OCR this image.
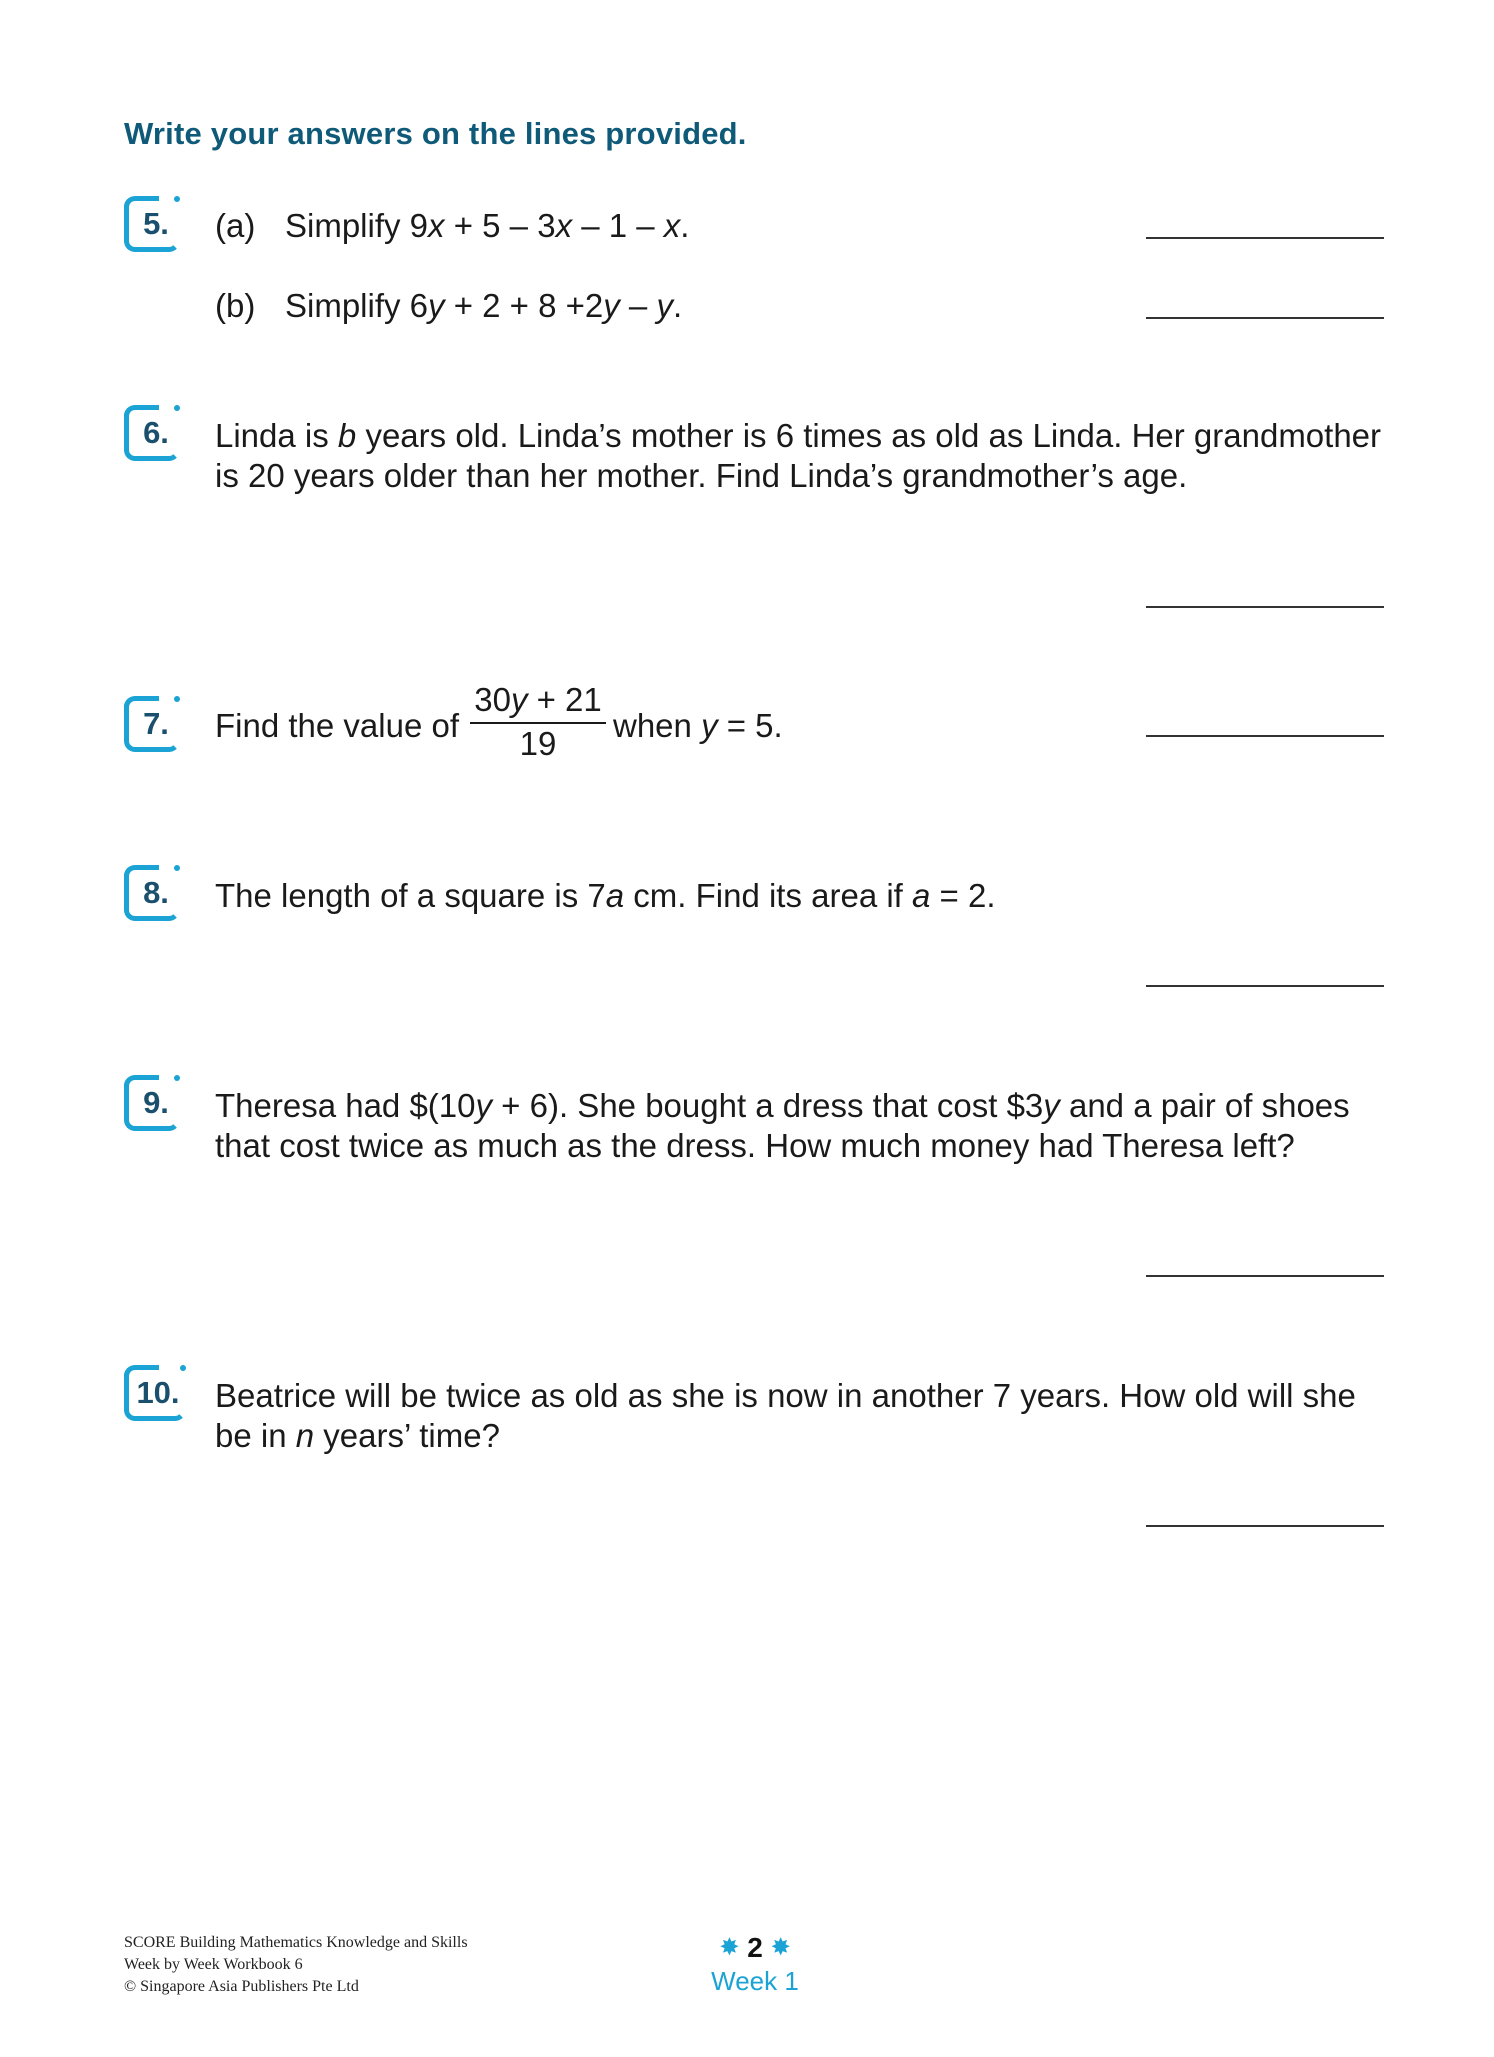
Write your answers on the lines provided.
5.	(a) Simplify 9x + 5 – 3x – 1 – x.
(b) Simplify 6y + 2 + 8 +2y – y.
6.	Linda is b years old. Linda’s mother is 6 times as old as Linda. Her grandmother is 20 years older than her mother. Find Linda’s grandmother’s age.
7.	Find the value of $\frac{30y + 21}{19}$ when y = 5.
8.	The length of a square is 7a cm. Find its area if a = 2.
9.	Theresa had $(10y + 6). She bought a dress that cost $3y and a pair of shoes that cost twice as much as the dress. How much money had Theresa left?
10. Beatrice will be twice as old as she is now in another 7 years. How old will she be in n years’ time?
SCORE Building Mathematics Knowledge and Skills
Week by Week Workbook 6
© Singapore Asia Publishers Pte Ltd
✸ 2 ✸
Week 1
